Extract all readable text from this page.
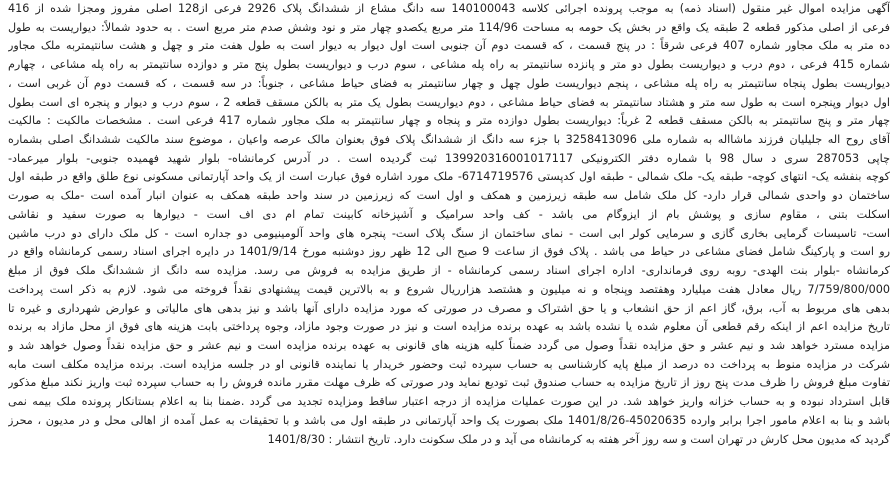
آگهی مزایده اموال غیر منقول (اسناد ذمه) به موجب پرونده اجرائی کلاسه 140100043 سه دانگ مشاع از ششدانگ پلاک 2926 فرعی از128 اصلی مفروز ومجزا شده از 416
فرعی از اصلی مذکور قطعه 2 طبقه یک واقع در بخش یک حومه به مساحت 114/96 متر مربع یکصدو چهار متر و نود وشش صدم متر مربع است . به حدود شمالاً: دیواریست به طول
ده متر به ملک مجاور شماره 407 فرعی شرقاً : در پنج قسمت ، که قسمت دوم آن جنوبی است اول دیوار به دیوار است به طول هفت متر و چهل و هشت سانتیمتربه ملک مجاور
شماره 415 فرعی ، دوم درب و دیواریست بطول دو متر و پانزده سانتیمتر به راه پله مشاعی ، سوم درب و دیواریست بطول پنج متر و دوازده سانتیمتر به راه پله مشاعی ، چهارم
دیواریست بطول پنجاه سانتیمتر به راه پله مشاعی ، پنجم دیواریست طول چهل و چهار سانتیمتر به فضای حیاط مشاعی ، جنوباً: در سه قسمت ، که قسمت دوم آن غربی است ،
اول دیوار وپنجره است به طول سه متر و هشتاد سانتیمتر به فضای حیاط مشاعی ، دوم دیواریست بطول یک متر به بالکن مسقف قطعه 2 ، سوم درب و دیوار و پنجره ای است بطول
چهار متر و پنج سانتیمتر به بالکن مسقف قطعه 2 غرباً: دیواریست بطول دوازده متر و پنجاه و چهار سانتیمتر به ملک مجاور شماره 417 فرعی است . مشخصات مالکیت : مالکیت
آقای روح اله جلیلیان فرزند ماشااله به شماره ملی 3258413096 با جزء سه دانگ از ششدانگ پلاک فوق بعنوان مالک عرصه واعیان ، موضوع سند مالکیت ششدانگ اصلی بشماره
چاپی 287053 سری د سال 98 با شماره دفتر الکترونیکی 139920316001017117 ثبت گردیده است . در آدرس کرمانشاه- بلوار شهید فهمیده جنوبی- بلوار میرعماد-
کوچه بنفشه یک- انتهای کوچه- طبقه یک- ملک شمالی - طبقه اول کدپستی 6714719576- ملک مورد اشاره فوق عبارت است از یک واحد آپارتمانی مسکونی نوع طلق واقع در طبقه اول
ساختمان دو واحدی شمالی قرار دارد- کل ملک شامل سه طبقه زیرزمین و همکف و اول است که زیرزمین در سند واحد طبقه همکف به عنوان انبار آمده است -ملک به صورت
اسکلت بتنی ، مقاوم سازی و پوشش بام از ایزوگام می باشد - کف واحد سرامیک و آشپزخانه کابینت تمام ام دی اف است - دیوارها به صورت سفید و نقاشی
است- تاسیسات گرمایی بخاری گازی و سرمایی کولر ابی است - نمای ساختمان از سنگ پلاک است- پنجره های واحد آلومینیومی دو جداره است - کل ملک دارای دو درب ماشین
رو است و پارکینگ شامل فضای مشاعی در حیاط می باشد . پلاک فوق از ساعت 9 صبح الی 12 ظهر روز دوشنبه مورخ 1401/9/14 در دایره اجرای اسناد رسمی کرمانشاه واقع در
کرمانشاه -بلوار بنت الهدی- روبه روی فرمانداری- اداره اجرای اسناد رسمی کرمانشاه - از طریق مزایده به فروش می رسد. مزایده سه دانگ از ششدانگ ملک فوق از مبلغ
7/759/800/000 ریال معادل هفت میلیارد وهفتصد وپنجاه و نه میلیون و هشتصد هزارریال شروع و به بالاترین قیمت پیشنهادی نقداً فروخته می شود. لازم به ذکر است پرداخت
بدهی های مربوط به آب، برق، گاز اعم از حق انشعاب و یا حق اشتراک و مصرف در صورتی که مورد مزایده دارای آنها باشد و نیز بدهی های مالیاتی و عوارض شهرداری و غیره تا
تاریخ مزایده اعم از اینکه رقم قطعی آن معلوم شده یا نشده باشد به عهده برنده مزایده است و نیز در صورت وجود مازاد، وجوه پرداختی بابت هزینه های فوق از محل مازاد به برنده
مزایده مسترد خواهد شد و نیم عشر و حق مزایده نقداً وصول می گردد ضمناً کلیه هزینه های قانونی به عهده برنده مزایده است و نیم عشر و حق مزایده نقداً وصول خواهد شد و
شرکت در مزایده منوط به پرداخت ده درصد از مبلغ پایه کارشناسی به حساب سپرده ثبت وحضور خریدار یا نماینده قانونی او در جلسه مزایده است. برنده مزایده مکلف است مابه
تفاوت مبلغ فروش را ظرف مدت پنج روز از تاریخ مزایده به حساب صندوق ثبت تودیع نماید ودر صورتی که ظرف مهلت مقرر مانده فروش را به حساب سپرده ثبت واریز نکند مبلغ مذکور
قابل استرداد نبوده و به حساب خزانه واریز خواهد شد. در این صورت عملیات مزایده از درجه اعتبار ساقط ومزایده تجدید می گردد .ضمنا بنا به اعلام بستانکار پرونده ملک بیمه نمی
باشد و بنا به اعلام مامور اجرا برابر وارده 45020635-1401/8/26 ملک بصورت یک واحد آپارتمانی در طبقه اول می باشد و با تحقیقات به عمل آمده از اهالی محل و در مدیون ، محرز
گردید که مدیون محل کارش در تهران است و سه روز آخر هفته به کرمانشاه می آید و در ملک سکونت دارد. تاریخ انتشار : 1401/8/30
